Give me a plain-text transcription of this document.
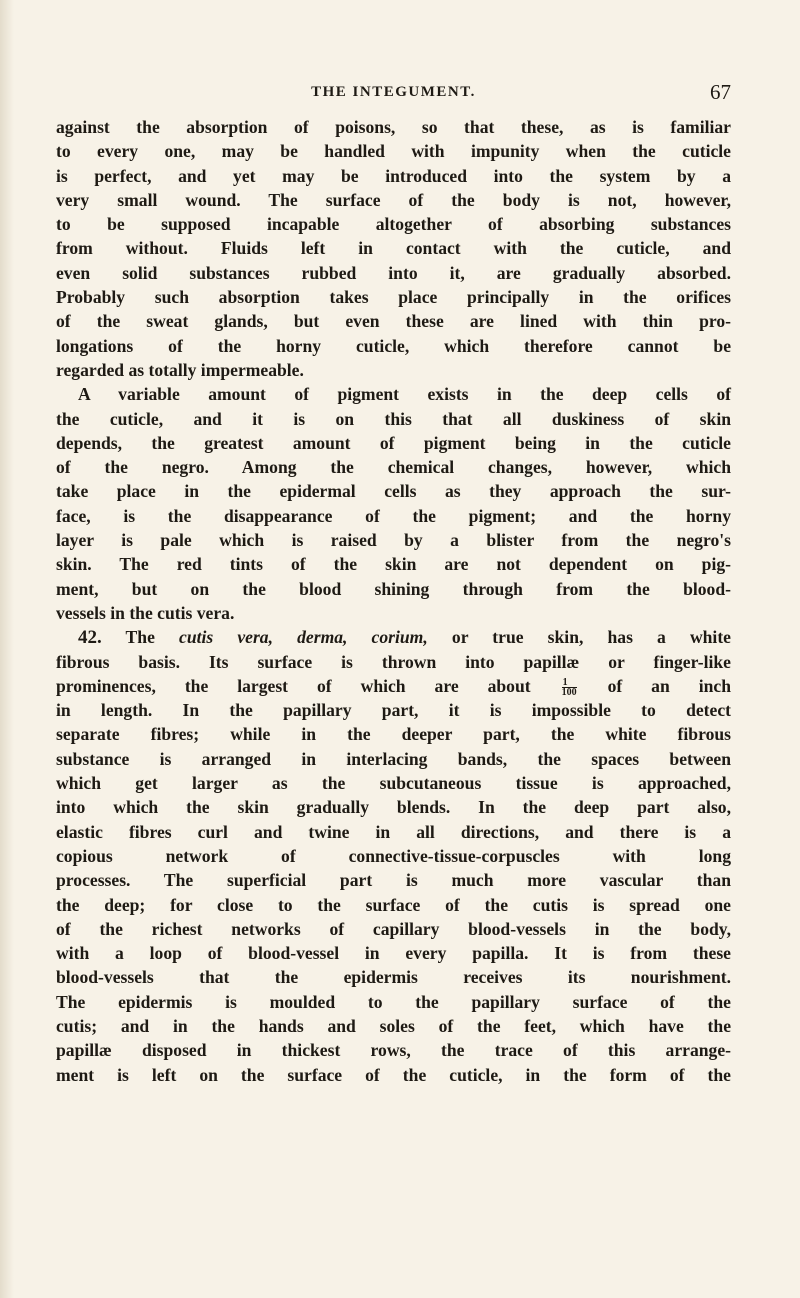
THE INTEGUMENT.	67
against the absorption of poisons, so that these, as is familiar
to every one, may be handled with impunity when the cuticle
is perfect, and yet may be introduced into the system by a
very small wound. The surface of the body is not, however,
to be supposed incapable altogether of absorbing substances
from without. Fluids left in contact with the cuticle, and
even solid substances rubbed into it, are gradually absorbed.
Probably such absorption takes place principally in the orifices
of the sweat glands, but even these are lined with thin pro-
longations of the horny cuticle, which therefore cannot be
regarded as totally impermeable.
A variable amount of pigment exists in the deep cells of
the cuticle, and it is on this that all duskiness of skin
depends, the greatest amount of pigment being in the cuticle
of the negro. Among the chemical changes, however, which
take place in the epidermal cells as they approach the sur-
face, is the disappearance of the pigment; and the horny
layer is pale which is raised by a blister from the negro's
skin. The red tints of the skin are not dependent on pig-
ment, but on the blood shining through from the blood-
vessels in the cutis vera.
42. The cutis vera, derma, corium, or true skin, has a white
fibrous basis. Its surface is thrown into papillæ or finger-like
prominences, the largest of which are about	$\frac{1}{100}$ of an inch
in length. In the papillary part, it is impossible to detect
separate fibres; while in the deeper part, the white fibrous
substance is arranged in interlacing bands, the spaces between
which get larger as the subcutaneous tissue is approached,
into which the skin gradually blends. In the deep part also,
elastic fibres curl and twine in all directions, and there is a
copious network of connective-tissue-corpuscles with long
processes. The superficial part is much more vascular than
the deep; for close to the surface of the cutis is spread one
of the richest networks of capillary blood-vessels in the body,
with a loop of blood-vessel in every papilla. It is from these
blood-vessels that the epidermis receives its nourishment.
The epidermis is moulded to the papillary surface of the
cutis; and in the hands and soles of the feet, which have the
papillæ disposed in thickest rows, the trace of this arrange-
ment is left on the surface of the cuticle, in the form of the
